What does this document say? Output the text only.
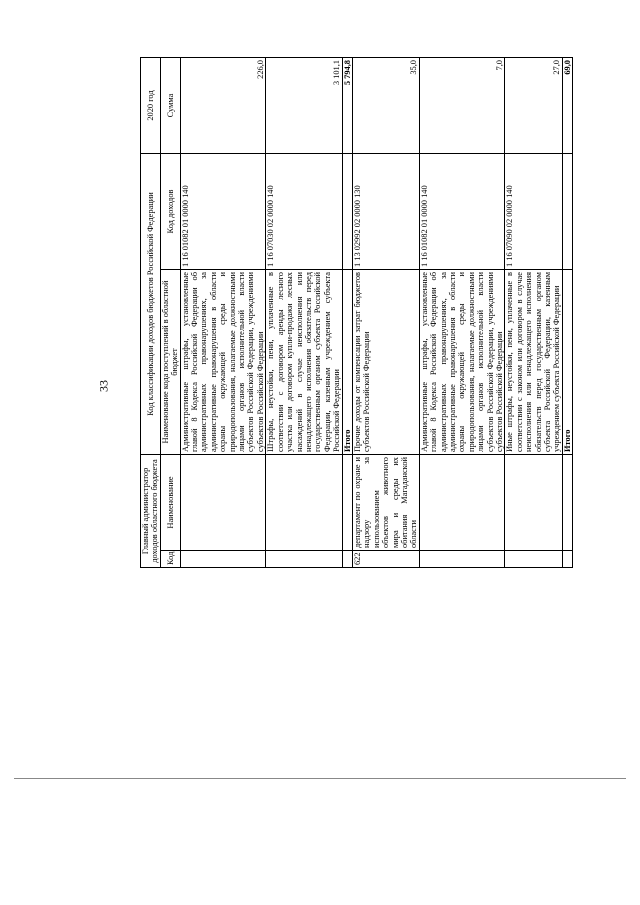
33
Главный администратор доходов областного бюджета		Код классификации доходов бюджетов Российской Федерации		2020 год
Код	Наименование	Наименование кода поступлений в областной бюджет	Код доходов	Сумма
		Административные штрафы, установленные главой 8 Кодекса Российской Федерации об административных правонарушениях, за административные правонарушения в области охраны окружающей среды и природопользования, налагаемые должностными лицами органов исполнительной власти субъектов Российской Федерации, учреждениями субъектов Российской Федерации	1 16 01082 01 0000 140	226,0
		Штрафы, неустойки, пени, уплаченные в соответствии с договором аренды лесного участка или договором купли-продажи лесных насаждений в случае неисполнения или ненадлежащего исполнения обязательств перед государственным органом субъекта Российской Федерации, казенным учреждением субъекта Российской Федерации	1 16 07030 02 0000 140	3 101,1
		Итого		5 794,8
622	департамент по охране и надзору за использованием объектов животного мира и среды их обитания Магаданской области	Прочие доходы от компенсации затрат бюджетов субъектов Российской Федерации	1 13 02992 02 0000 130	35,0
		Административные штрафы, установленные главой 8 Кодекса Российской Федерации об административных правонарушениях, за административные правонарушения в области охраны окружающей среды и природопользования, налагаемые должностными лицами органов исполнительной власти субъектов Российской Федерации, учреждениями субъектов Российской Федерации	1 16 01082 01 0000 140	7,0
		Иные штрафы, неустойки, пени, уплаченные в соответствии с законом или договором в случае неисполнения или ненадлежащего исполнения обязательств перед государственным органом субъекта Российской Федерации, казенным учреждением субъекта Российской Федерации	1 16 07090 02 0000 140	27,0
		Итого		69,0
